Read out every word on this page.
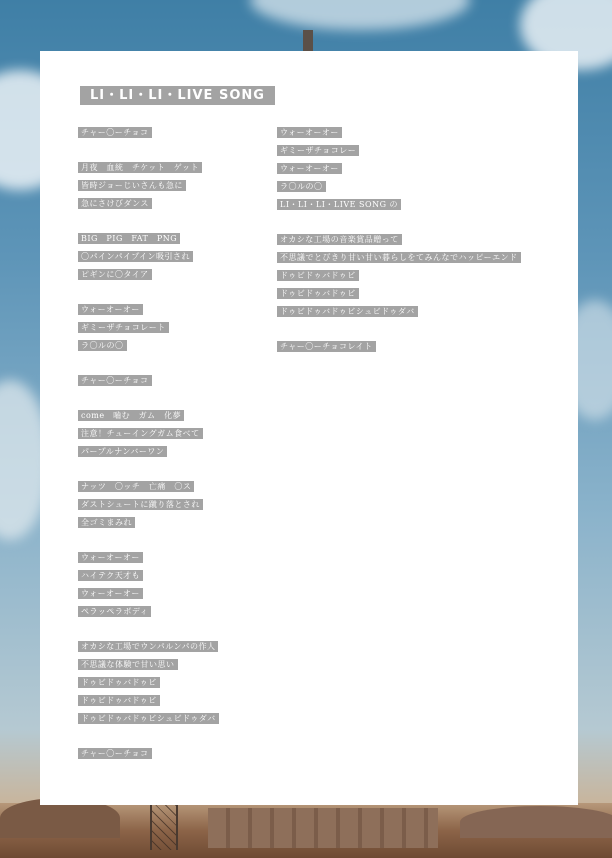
LI・LI・LI・LIVE SONG
チャー〇ーチョコ
月夜　血統　チケット　ゲット
皆時ジョーじいさんも急に
急にさけびダンス
BIG　PIG　FAT　PNG
〇パインパイプイン吸引され
ピギンに〇タイア
ウォーオーオー
ギミーザチョコレート
ラ〇ルの〇
チャー〇ーチョコ
come　嚙む　ガム　化夢
注意！チューイングガム食べて
パープルナンバーワン
ナッツ　〇ッチ　亡痛　〇ス
ダストシュートに蹴り落とされ
全ゴミまみれ
ウォーオーオー
ハイテク天才も
ウォーオーオー
ペラッペラボディ
オカシな工場でウンパルンパの作人
不思議な体験で甘い思い
ドゥビドゥバドゥビ
ドゥビドゥバドゥビ
ドゥビドゥバドゥビシュビドゥダバ
チャー〇ーチョコ
ウォーオーオー
ギミーザチョコレー
ウォーオーオー
ラ〇ルの〇
LI・LI・LI・LIVE SONG の
オカシな工場の音楽賞品贈って
不思議でとびきり甘い甘い暮らしをてみんなでハッピーエンド
ドゥビドゥバドゥビ
ドゥビドゥバドゥビ
ドゥビドゥバドゥビシュビドゥダバ
チャー〇ーチョコレイト
